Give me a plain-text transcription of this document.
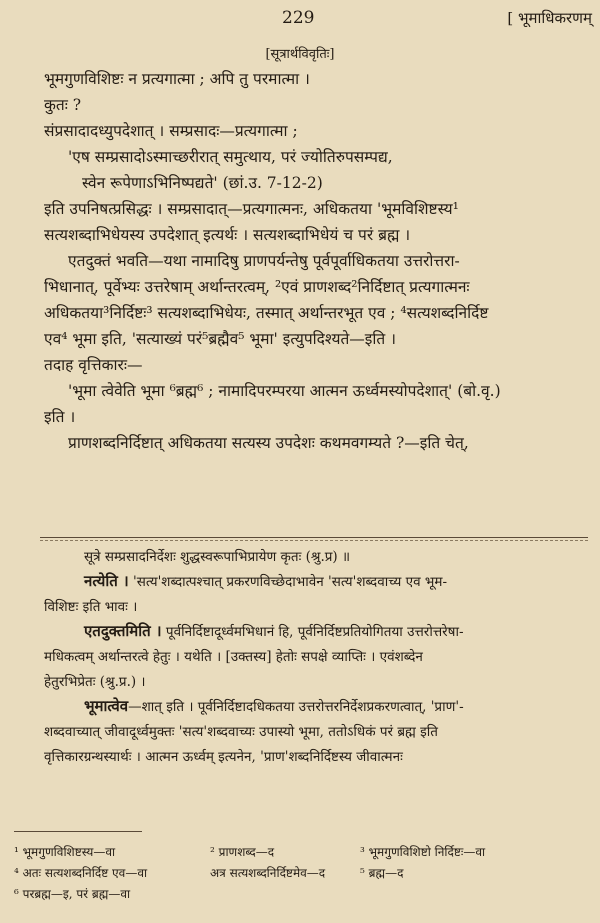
229	[ भूमाधिकरणम्
[सूत्रार्थविवृतिः]

भूमगुणविशिष्टः न प्रत्यगात्मा ; अपि तु परमात्मा ।

कुतः ?

संप्रसादादध्युपदेशात् । सम्प्रसादः—प्रत्यगात्मा ;

'एष सम्प्रसादोऽस्माच्छरीरात् समुत्थाय, परं ज्योतिरुपसम्पद्य,

स्वेन रूपेणाऽभिनिष्पद्यते' (छां.उ. 7-12-2)

इति उपनिषत्प्रसिद्धः । सम्प्रसादात्—प्रत्यगात्मनः, अधिकतया 'भूमविशिष्टस्य¹

सत्यशब्दाभिधेयस्य उपदेशात् इत्यर्थः । सत्यशब्दाभिधेयं च परं ब्रह्म ।

एतदुक्तं भवति—यथा नामादिषु प्राणपर्यन्तेषु पूर्वपूर्वाधिकतया उत्तरोत्तरा-

भिधानात्, पूर्वेभ्यः उत्तरेषाम् अर्थान्तरत्वम्, ²एवं प्राणशब्द²निर्दिष्टात् प्रत्यगात्मनः

अधिकतया³निर्दिष्टः³ सत्यशब्दाभिधेयः, तस्मात् अर्थान्तरभूत एव ; ⁴सत्यशब्दनिर्दिष्ट

एव⁴ भूमा इति, 'सत्याख्यं परं⁵ब्रह्मैव⁵ भूमा' इत्युपदिश्यते—इति ।

तदाह वृत्तिकारः—

'भूमा त्वेवेति भूमा ⁶ब्रह्म⁶ ; नामादिपरम्परया आत्मन ऊर्ध्वमस्योपदेशात्' (बो.वृ.)

इति ।

प्राणशब्दनिर्दिष्टात् अधिकतया सत्यस्य उपदेशः कथमवगम्यते ?—इति चेत्,

सूत्रे सम्प्रसादनिर्देशः शुद्धस्वरूपाभिप्रायेण कृतः (श्रु.प्र) ॥

नत्येति । 'सत्य'शब्दात्पश्चात् प्रकरणविच्छेदाभावेन 'सत्य'शब्दवाच्य एव भूम-

विशिष्टः इति भावः ।

एतदुक्तमिति । पूर्वनिर्दिष्टादूर्ध्वमभिधानं हि, पूर्वनिर्दिष्टप्रतियोगितया उत्तरोत्तरेषा-

मधिकत्वम् अर्थान्तरत्वे हेतुः । यथेति । [उक्तस्य] हेतोः सपक्षे व्याप्तिः । एवंशब्देन

हेतुरभिप्रेतः (श्रु.प्र.) ।

भूमात्वेव—शात् इति । पूर्वनिर्दिष्टादधिकतया उत्तरोत्तरनिर्देशप्रकरणत्वात्, 'प्राण'-

शब्दवाच्यात् जीवादूर्ध्वमुक्तः 'सत्य'शब्दवाच्यः उपास्यो भूमा, ततोऽधिकं परं ब्रह्म इति

वृत्तिकारग्रन्थस्यार्थः । आत्मन ऊर्ध्वम् इत्यनेन, 'प्राण'शब्दनिर्दिष्टस्य जीवात्मनः

¹ भूमगुणविशिष्टस्य—वा	² प्राणशब्द—द	³ भूमगुणविशिष्टो निर्दिष्टः—वा

⁴ अतः सत्यशब्दनिर्दिष्ट एव—वा	अत्र सत्यशब्दनिर्दिष्टमेव—द	⁵ ब्रह्म—द

⁶ परब्रह्म—इ, परं ब्रह्म—वा
